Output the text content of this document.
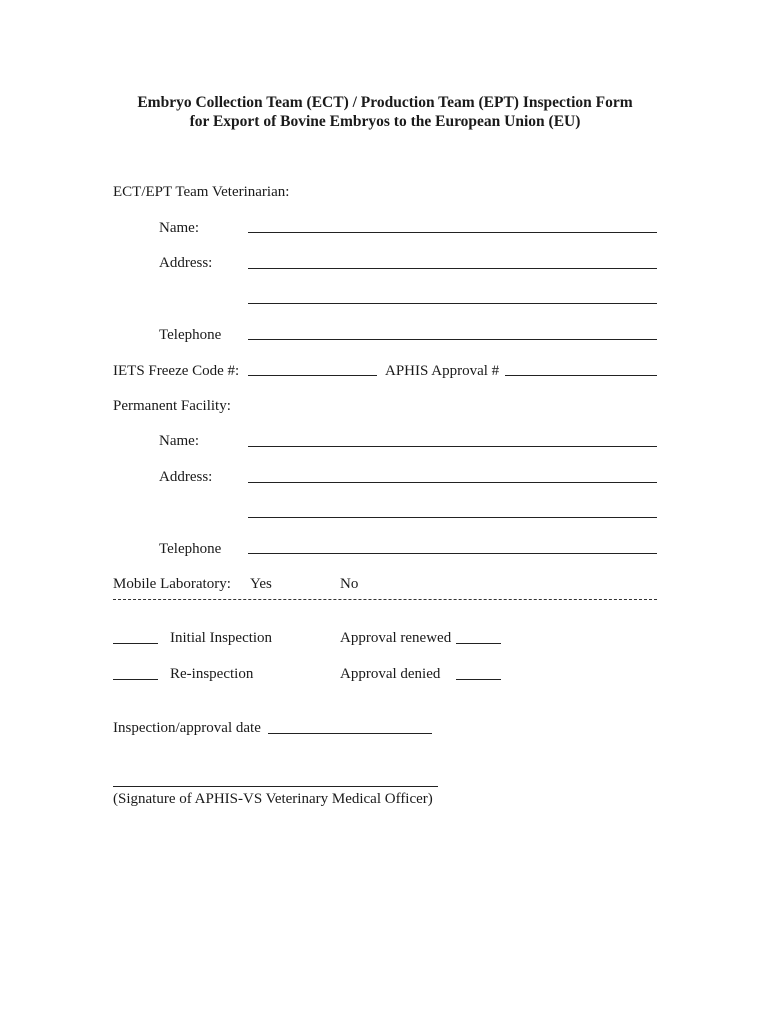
Embryo Collection Team (ECT) / Production Team (EPT) Inspection Form
for Export of Bovine Embryos to the European Union (EU)
ECT/EPT Team Veterinarian:
Name:
Address:
Telephone
IETS Freeze Code #:	APHIS Approval #
Permanent Facility:
Name:
Address:
Telephone
Mobile Laboratory: Yes	No
Initial Inspection	Approval renewed
Re-inspection	Approval denied
Inspection/approval date
(Signature of APHIS-VS Veterinary Medical Officer)
